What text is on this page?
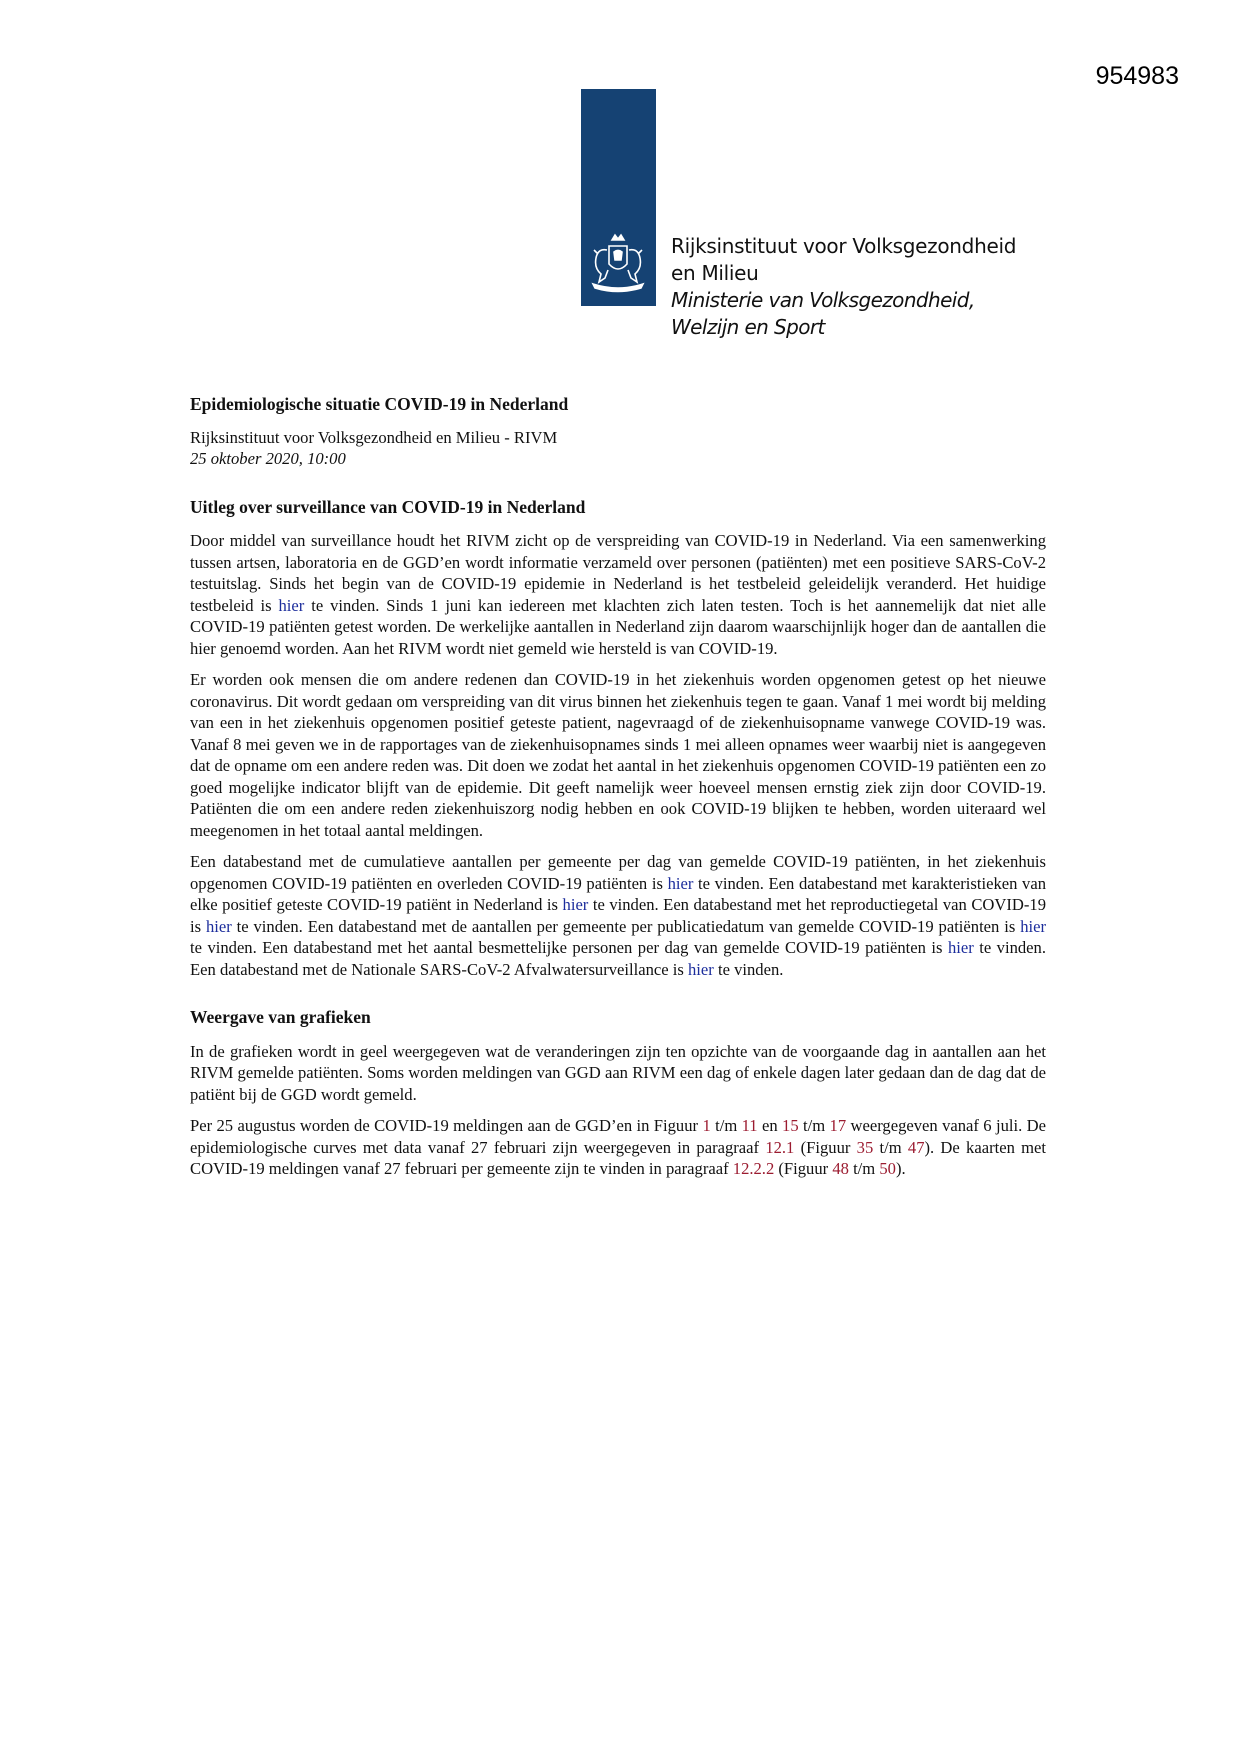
954983
Rijksinstituut voor Volksgezondheid
en Milieu
Ministerie van Volksgezondheid,
Welzijn en Sport
Epidemiologische situatie COVID-19 in Nederland
Rijksinstituut voor Volksgezondheid en Milieu - RIVM
25 oktober 2020, 10:00
Uitleg over surveillance van COVID-19 in Nederland

Door middel van surveillance houdt het RIVM zicht op de verspreiding van COVID-19 in Nederland. Via een samenwerking tussen artsen, laboratoria en de GGD’en wordt informatie verzameld over personen (patiënten) met een positieve SARS-CoV-2 testuitslag. Sinds het begin van de COVID-19 epidemie in Nederland is het testbeleid geleidelijk veranderd. Het huidige testbeleid is hier te vinden. Sinds 1 juni kan iedereen met klachten zich laten testen. Toch is het aannemelijk dat niet alle COVID-19 patiënten getest worden. De werkelijke aantallen in Nederland zijn daarom waarschijnlijk hoger dan de aantallen die hier genoemd worden. Aan het RIVM wordt niet gemeld wie hersteld is van COVID-19.

Er worden ook mensen die om andere redenen dan COVID-19 in het ziekenhuis worden opgenomen getest op het nieuwe coronavirus. Dit wordt gedaan om verspreiding van dit virus binnen het ziekenhuis tegen te gaan. Vanaf 1 mei wordt bij melding van een in het ziekenhuis opgenomen positief geteste patient, nagevraagd of de ziekenhuisopname vanwege COVID-19 was. Vanaf 8 mei geven we in de rapportages van de ziekenhuisopnames sinds 1 mei alleen opnames weer waarbij niet is aangegeven dat de opname om een andere reden was. Dit doen we zodat het aantal in het ziekenhuis opgenomen COVID-19 patiënten een zo goed mogelijke indicator blijft van de epidemie. Dit geeft namelijk weer hoeveel mensen ernstig ziek zijn door COVID-19. Patiënten die om een andere reden ziekenhuiszorg nodig hebben en ook COVID-19 blijken te hebben, worden uiteraard wel meegenomen in het totaal aantal meldingen.

Een databestand met de cumulatieve aantallen per gemeente per dag van gemelde COVID-19 patiënten, in het ziekenhuis opgenomen COVID-19 patiënten en overleden COVID-19 patiënten is hier te vinden. Een databestand met karakteristieken van elke positief geteste COVID-19 patiënt in Nederland is hier te vinden. Een databestand met het reproductiegetal van COVID-19 is hier te vinden. Een databestand met de aantallen per gemeente per publicatiedatum van gemelde COVID-19 patiënten is hier te vinden. Een databestand met het aantal besmettelijke personen per dag van gemelde COVID-19 patiënten is hier te vinden. Een databestand met de Nationale SARS-CoV-2 Afvalwatersurveillance is hier te vinden.

Weergave van grafieken

In de grafieken wordt in geel weergegeven wat de veranderingen zijn ten opzichte van de voorgaande dag in aantallen aan het RIVM gemelde patiënten. Soms worden meldingen van GGD aan RIVM een dag of enkele dagen later gedaan dan de dag dat de patiënt bij de GGD wordt gemeld.

Per 25 augustus worden de COVID-19 meldingen aan de GGD’en in Figuur 1 t/m 11 en 15 t/m 17 weergegeven vanaf 6 juli. De epidemiologische curves met data vanaf 27 februari zijn weergegeven in paragraaf 12.1 (Figuur 35 t/m 47). De kaarten met COVID-19 meldingen vanaf 27 februari per gemeente zijn te vinden in paragraaf 12.2.2 (Figuur 48 t/m 50).
